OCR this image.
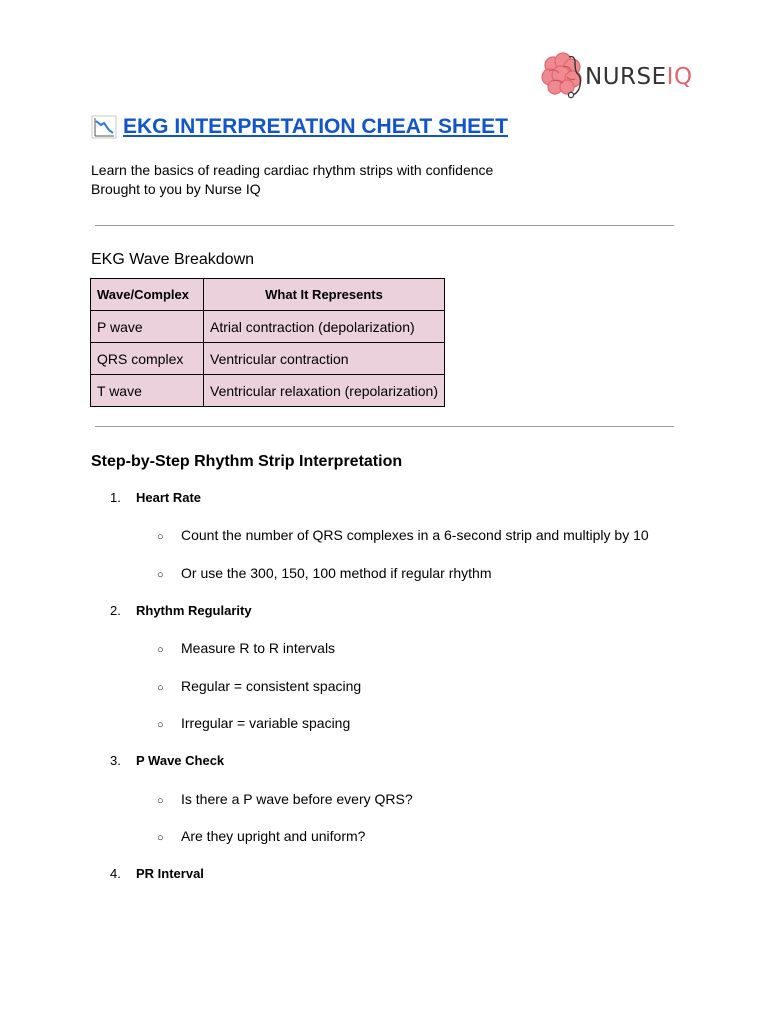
NURSEIQ
EKG INTERPRETATION CHEAT SHEET

Learn the basics of reading cardiac rhythm strips with confidence
Brought to you by Nurse IQ

EKG Wave Breakdown
Wave/Complex	What It Represents
P wave	Atrial contraction (depolarization)
QRS complex	Ventricular contraction
T wave	Ventricular relaxation (repolarization)
Step-by-Step Rhythm Strip Interpretation
1. Heart Rate
○ Count the number of QRS complexes in a 6-second strip and multiply by 10
○ Or use the 300, 150, 100 method if regular rhythm
2. Rhythm Regularity
○ Measure R to R intervals
○ Regular = consistent spacing
○ Irregular = variable spacing
3. P Wave Check
○ Is there a P wave before every QRS?
○ Are they upright and uniform?
4. PR Interval
